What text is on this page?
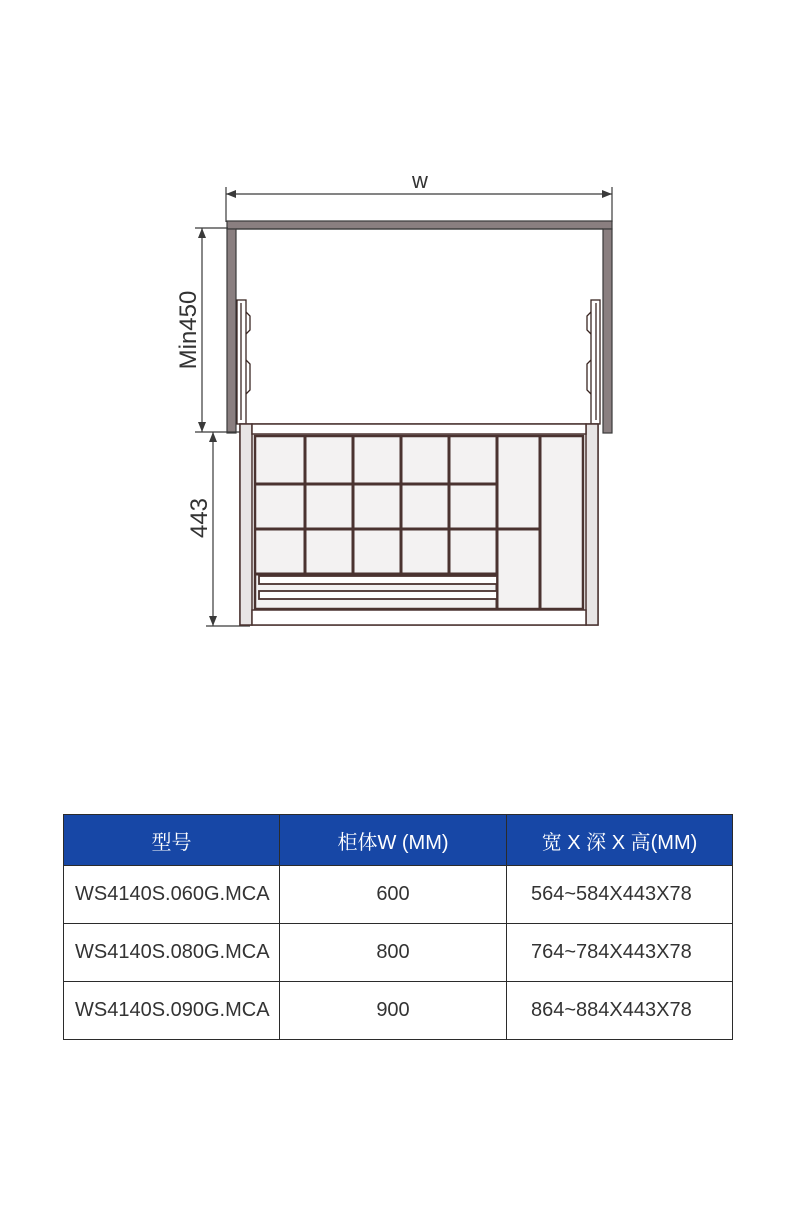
w
Min450
443
型号	柜体W (MM)	宽 X 深 X 高(MM)
WS4140S.060G.MCA	600	564~584X443X78
WS4140S.080G.MCA	800	764~784X443X78
WS4140S.090G.MCA	900	864~884X443X78
